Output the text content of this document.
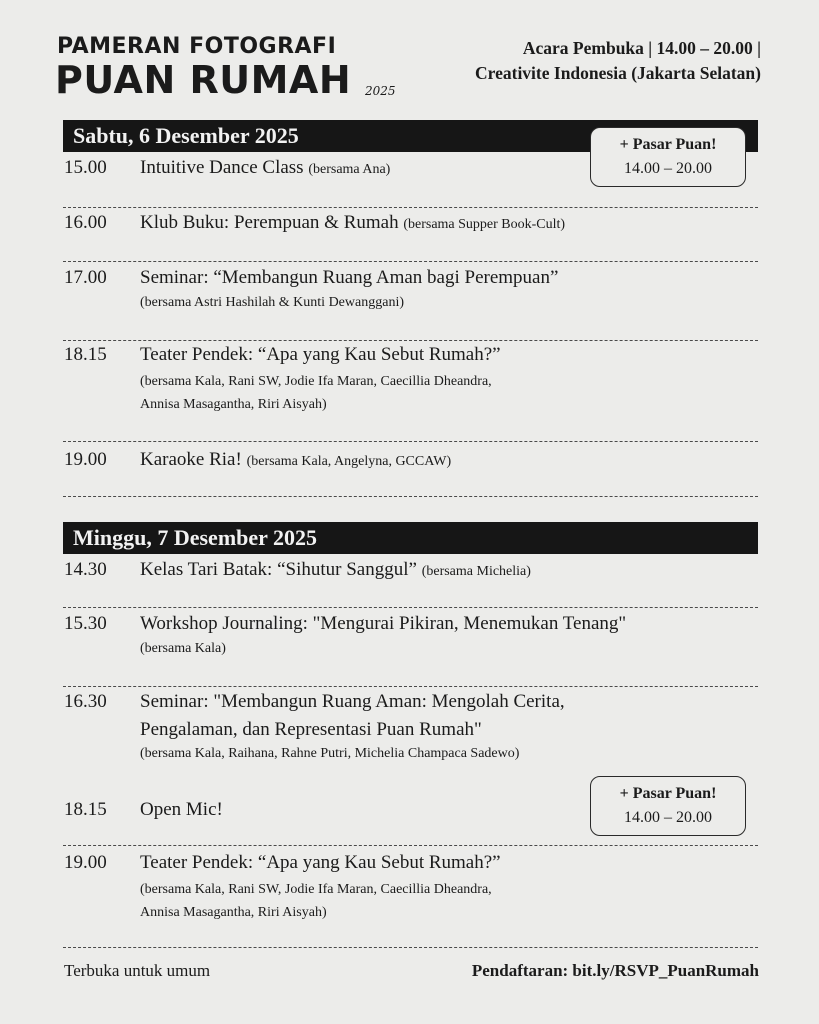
PAMERAN FOTOGRAFI
PUAN RUMAH 2025
Acara Pembuka | 14.00 – 20.00 |
Creativite Indonesia (Jakarta Selatan)
Sabtu, 6 Desember 2025
15.00 Intuitive Dance Class (bersama Ana)
16.00 Klub Buku: Perempuan & Rumah (bersama Supper Book-Cult)
17.00 Seminar: “Membangun Ruang Aman bagi Perempuan”
(bersama Astri Hashilah & Kunti Dewanggani)
18.15 Teater Pendek: “Apa yang Kau Sebut Rumah?”
(bersama Kala, Rani SW, Jodie Ifa Maran, Caecillia Dheandra,
Annisa Masagantha, Riri Aisyah)
19.00 Karaoke Ria! (bersama Kala, Angelyna, GCCAW)
+ Pasar Puan!
14.00 – 20.00
Minggu, 7 Desember 2025
14.30 Kelas Tari Batak: “Sihutur Sanggul” (bersama Michelia)
15.30 Workshop Journaling: "Mengurai Pikiran, Menemukan Tenang"
(bersama Kala)
16.30 Seminar: "Membangun Ruang Aman: Mengolah Cerita,
Pengalaman, dan Representasi Puan Rumah"
(bersama Kala, Raihana, Rahne Putri, Michelia Champaca Sadewo)
18.15 Open Mic!
19.00 Teater Pendek: “Apa yang Kau Sebut Rumah?”
(bersama Kala, Rani SW, Jodie Ifa Maran, Caecillia Dheandra,
Annisa Masagantha, Riri Aisyah)
+ Pasar Puan!
14.00 – 20.00
Terbuka untuk umum	Pendaftaran: bit.ly/RSVP_PuanRumah
